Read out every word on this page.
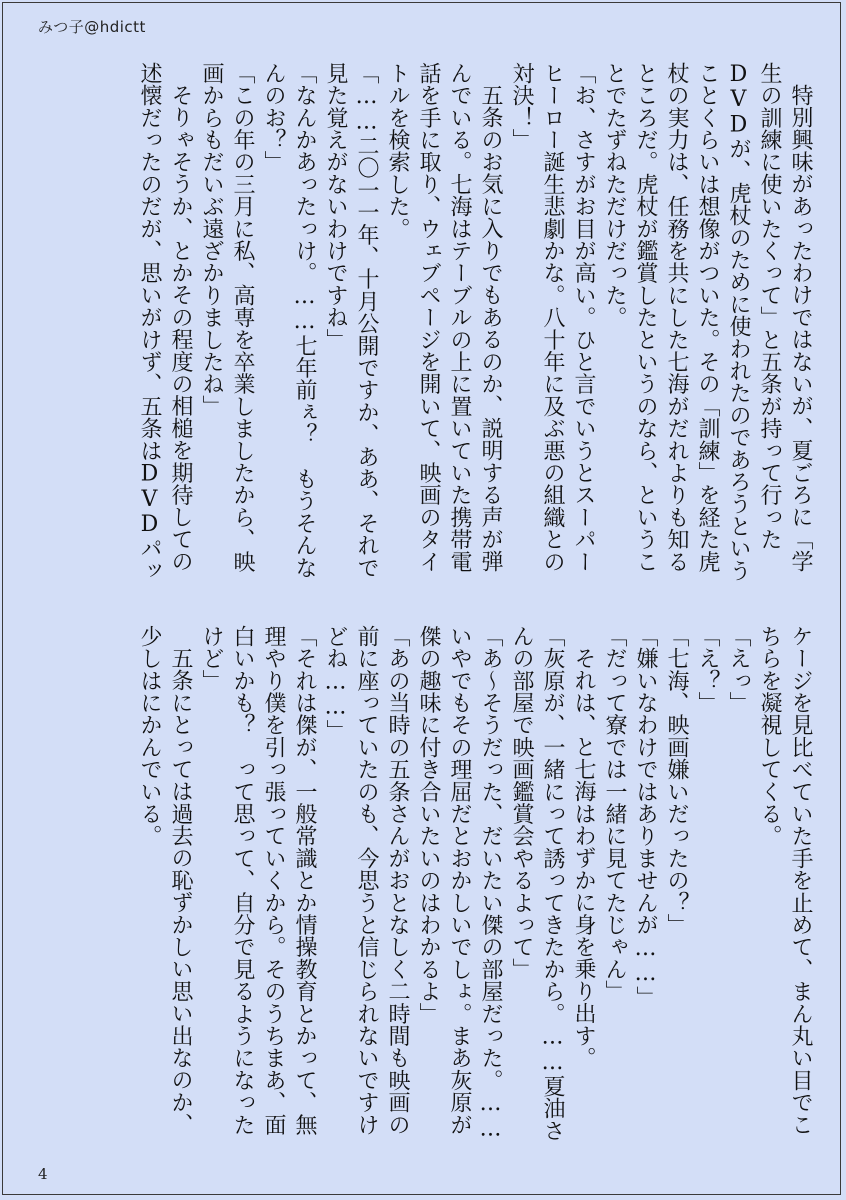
みつ子@hdictt

特別興味があったわけではないが、夏ごろに「学生の訓練に使いたくって」と五条が持って行ったDVDが、虎杖のために使われたのであろうということくらいは想像がついた。その「訓練」を経た虎杖の実力は、任務を共にした七海がだれよりも知るところだ。虎杖が鑑賞したというのなら、ということでたずねただけだった。

「お、さすがお目が高い。ひと言でいうとスーパーヒーロー誕生悲劇かな。八十年に及ぶ悪の組織との対決！」

五条のお気に入りでもあるのか、説明する声が弾んでいる。七海はテーブルの上に置いていた携帯電話を手に取り、ウェブページを開いて、映画のタイトルを検索した。

「……二〇一一年、十月公開ですか、ああ、それで見た覚えがないわけですね」

「なんかあったっけ。……七年前ぇ？　もうそんなんのお？」

「この年の三月に私、高専を卒業しましたから、映画からもだいぶ遠ざかりましたね」

そりゃそうか、とかその程度の相槌を期待しての述懐だったのだが、思いがけず、五条はDVDパッ

ケージを見比べていた手を止めて、まん丸い目でこちらを凝視してくる。

「えっ」

「え？」

「七海、映画嫌いだったの？」

「嫌いなわけではありませんが……」

「だって寮では一緒に見てたじゃん」

それは、と七海はわずかに身を乗り出す。

「灰原が、一緒にって誘ってきたから。……夏油さんの部屋で映画鑑賞会やるよって」

「あ～そうだった、だいたい傑の部屋だった。……いやでもその理屈だとおかしいでしょ。まあ灰原が傑の趣味に付き合いたいのはわかるよ」

「あの当時の五条さんがおとなしく二時間も映画の前に座っていたのも、今思うと信じられないですけどね……」

「それは傑が、一般常識とか情操教育とかって、無理やり僕を引っ張っていくから。そのうちまあ、面白いかも？　って思って、自分で見るようになったけど」

五条にとっては過去の恥ずかしい思い出なのか、少しはにかんでいる。

4
